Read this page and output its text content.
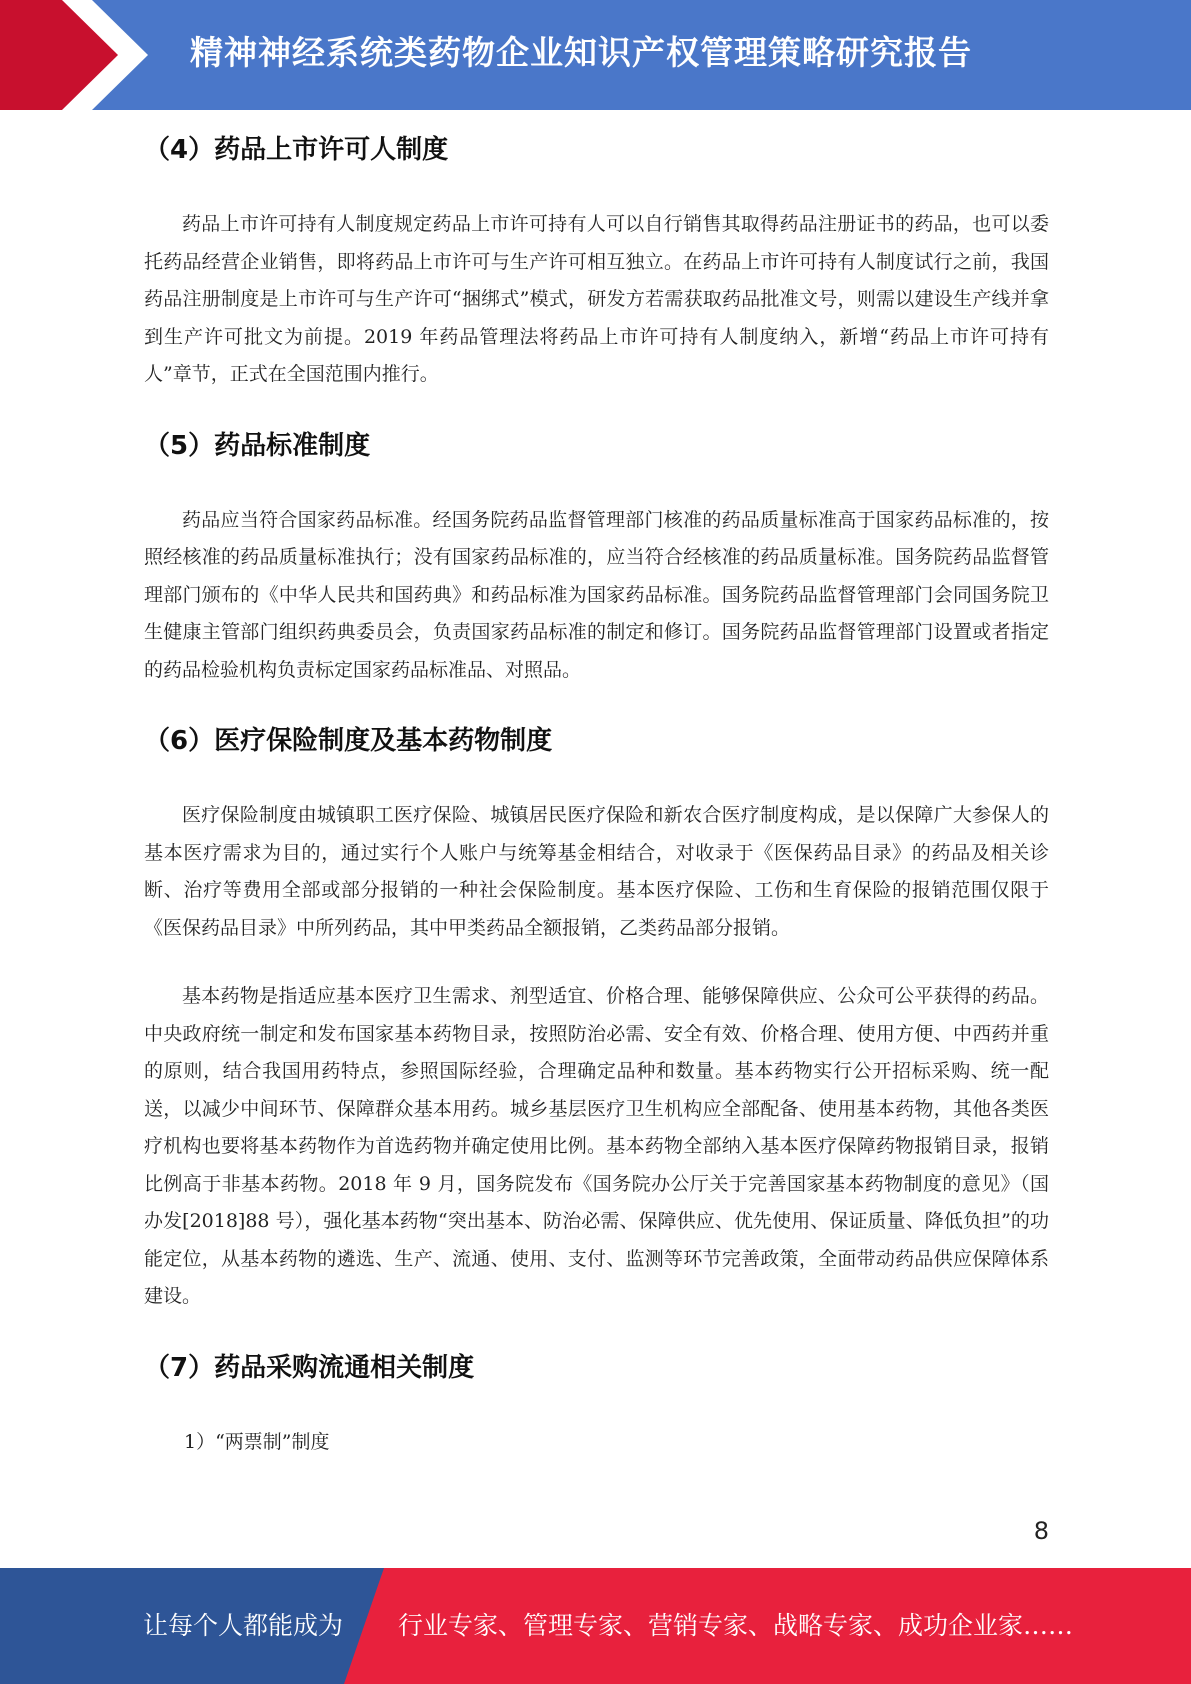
精神神经系统类药物企业知识产权管理策略研究报告
（4）药品上市许可人制度

药品上市许可持有人制度规定药品上市许可持有人可以自行销售其取得药品注册证书的药品，也可以委托药品经营企业销售，即将药品上市许可与生产许可相互独立。在药品上市许可持有人制度试行之前，我国药品注册制度是上市许可与生产许可“捆绑式”模式，研发方若需获取药品批准文号，则需以建设生产线并拿到生产许可批文为前提。2019 年药品管理法将药品上市许可持有人制度纳入，新增“药品上市许可持有人”章节，正式在全国范围内推行。

（5）药品标准制度

药品应当符合国家药品标准。经国务院药品监督管理部门核准的药品质量标准高于国家药品标准的，按照经核准的药品质量标准执行；没有国家药品标准的，应当符合经核准的药品质量标准。国务院药品监督管理部门颁布的《中华人民共和国药典》和药品标准为国家药品标准。国务院药品监督管理部门会同国务院卫生健康主管部门组织药典委员会，负责国家药品标准的制定和修订。国务院药品监督管理部门设置或者指定的药品检验机构负责标定国家药品标准品、对照品。

（6）医疗保险制度及基本药物制度

医疗保险制度由城镇职工医疗保险、城镇居民医疗保险和新农合医疗制度构成，是以保障广大参保人的基本医疗需求为目的，通过实行个人账户与统筹基金相结合，对收录于《医保药品目录》的药品及相关诊断、治疗等费用全部或部分报销的一种社会保险制度。基本医疗保险、工伤和生育保险的报销范围仅限于《医保药品目录》中所列药品，其中甲类药品全额报销，乙类药品部分报销。

基本药物是指适应基本医疗卫生需求、剂型适宜、价格合理、能够保障供应、公众可公平获得的药品。中央政府统一制定和发布国家基本药物目录，按照防治必需、安全有效、价格合理、使用方便、中西药并重的原则，结合我国用药特点，参照国际经验，合理确定品种和数量。基本药物实行公开招标采购、统一配送，以减少中间环节、保障群众基本用药。城乡基层医疗卫生机构应全部配备、使用基本药物，其他各类医疗机构也要将基本药物作为首选药物并确定使用比例。基本药物全部纳入基本医疗保障药物报销目录，报销比例高于非基本药物。2018 年 9 月，国务院发布《国务院办公厅关于完善国家基本药物制度的意见》（国办发[2018]88 号），强化基本药物“突出基本、防治必需、保障供应、优先使用、保证质量、降低负担”的功能定位，从基本药物的遴选、生产、流通、使用、支付、监测等环节完善政策，全面带动药品供应保障体系建设。

（7）药品采购流通相关制度

1）“两票制”制度

8
让每个人都能成为 行业专家、管理专家、营销专家、战略专家、成功企业家……
